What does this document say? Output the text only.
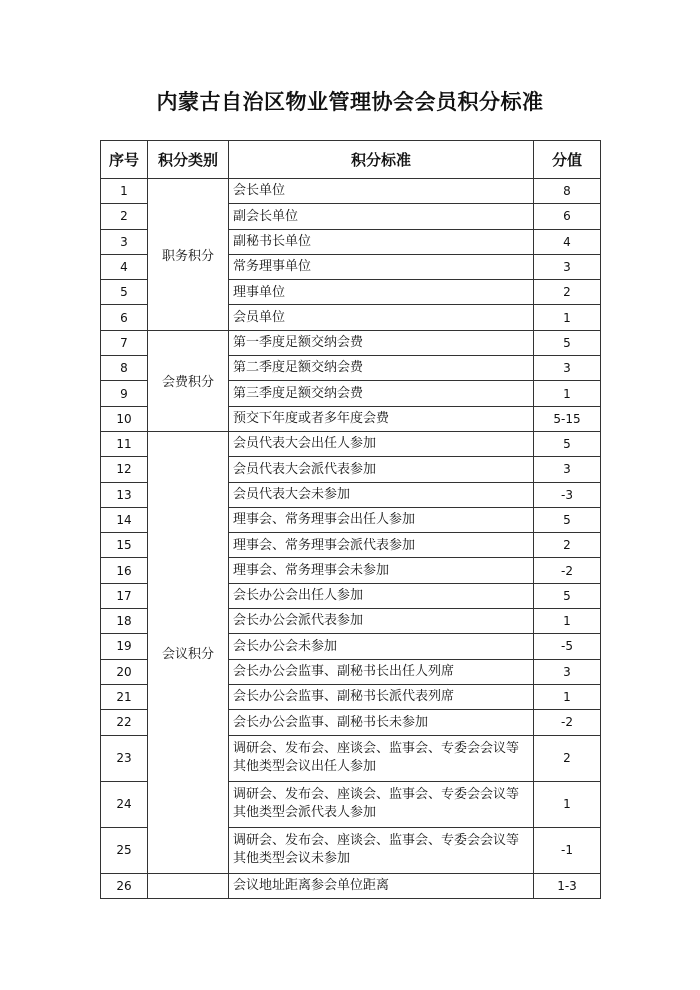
内蒙古自治区物业管理协会会员积分标准
序号	积分类别	积分标准	分值
1	职务积分	会长单位	8
2		副会长单位	6
3		副秘书长单位	4
4		常务理事单位	3
5		理事单位	2
6		会员单位	1
7	会费积分	第一季度足额交纳会费	5
8		第二季度足额交纳会费	3
9		第三季度足额交纳会费	1
10		预交下年度或者多年度会费	5-15
11	会议积分	会员代表大会出任人参加	5
12		会员代表大会派代表参加	3
13		会员代表大会未参加	-3
14		理事会、常务理事会出任人参加	5
15		理事会、常务理事会派代表参加	2
16		理事会、常务理事会未参加	-2
17		会长办公会出任人参加	5
18		会长办公会派代表参加	1
19		会长办公会未参加	-5
20		会长办公会监事、副秘书长出任人列席	3
21		会长办公会监事、副秘书长派代表列席	1
22		会长办公会监事、副秘书长未参加	-2
23		调研会、发布会、座谈会、监事会、专委会会议等其他类型会议出任人参加	2
24		调研会、发布会、座谈会、监事会、专委会会议等其他类型会派代表人参加	1
25		调研会、发布会、座谈会、监事会、专委会会议等其他类型会议未参加	-1
26		会议地址距离参会单位距离	1-3
